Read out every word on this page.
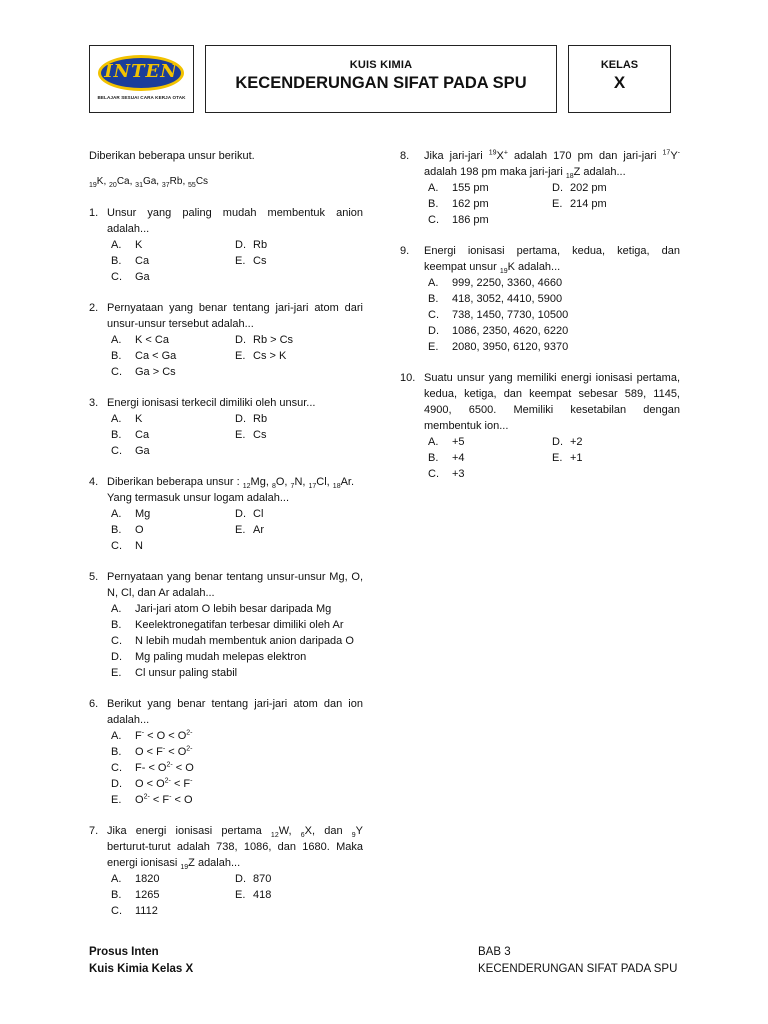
INTEN
BELAJAR SESUAI CARA KERJA OTAK
KUIS KIMIA
KECENDERUNGAN SIFAT PADA SPU
KELAS
X

Diberikan beberapa unsur berikut.

$_{19}$K, $_{20}$Ca, $_{31}$Ga, $_{37}$Rb, $_{55}$Cs
1. Unsur yang paling mudah membentuk anion adalah...
A.	K	D. Rb
B.	Ca	E. Cs
C.	Ga
2. Pernyataan yang benar tentang jari-jari atom dari unsur-unsur tersebut adalah...
A.	K < Ca	D. Rb > Cs
B.	Ca < Ga	E. Cs > K
C.	Ga > Cs
3. Energi ionisasi terkecil dimiliki oleh unsur...
A.	K	D. Rb
B.	Ca	E. Cs
C.	Ga
4. Diberikan beberapa unsur : $_{12}$Mg, $_8$O, $_7$N, $_{17}$Cl, $_{18}$Ar.
Yang termasuk unsur logam adalah...
A.	Mg	D. Cl
B.	O	E. Ar
C.	N
5. Pernyataan yang benar tentang unsur-unsur Mg, O, N, Cl, dan Ar adalah...
A.	Jari-jari atom O lebih besar daripada Mg
B.	Keelektronegatifan terbesar dimiliki oleh Ar
C.	N lebih mudah membentuk anion daripada O
D.	Mg paling mudah melepas elektron
E.	Cl unsur paling stabil
6. Berikut yang benar tentang jari-jari atom dan ion adalah...
A.	$F^- < O < O^{2-}$
B.	$O < F^- < O^{2-}$
C.	$F- < O^{2-} < O$
D.	$O < O^{2-} < F^-$
E.	$O^{2-} < F^- < O$
7. Jika energi ionisasi pertama $_{12}$W, $_6$X, dan $_9$Y berturut-turut adalah 738, 1086, dan 1680. Maka energi ionisasi $_{19}$Z adalah...
A.	1820	D. 870
B.	1265	E. 418
C.	1112
8.	Jika jari-jari $^{19}$X+ adalah 170 pm dan jari-jari $^{17}$Y- adalah 198 pm maka jari-jari $_{18}$Z adalah...
A.	155 pm	D. 202 pm
B.	162 pm	E. 214 pm
C.	186 pm
9.	Energi ionisasi pertama, kedua, ketiga, dan keempat unsur $_{19}$K adalah...
A.	999, 2250, 3360, 4660
B.	418, 3052, 4410, 5900
C.	738, 1450, 7730, 10500
D.	1086, 2350, 4620, 6220
E.	2080, 3950, 6120, 9370
10. Suatu unsur yang memiliki energi ionisasi pertama, kedua, ketiga, dan keempat sebesar 589, 1145, 4900, 6500. Memiliki kesetabilan dengan membentuk ion...
A.	+5	D. +2
B.	+4	E. +1
C.	+3
Prosus Inten
Kuis Kimia Kelas X
BAB 3
KECENDERUNGAN SIFAT PADA SPU
